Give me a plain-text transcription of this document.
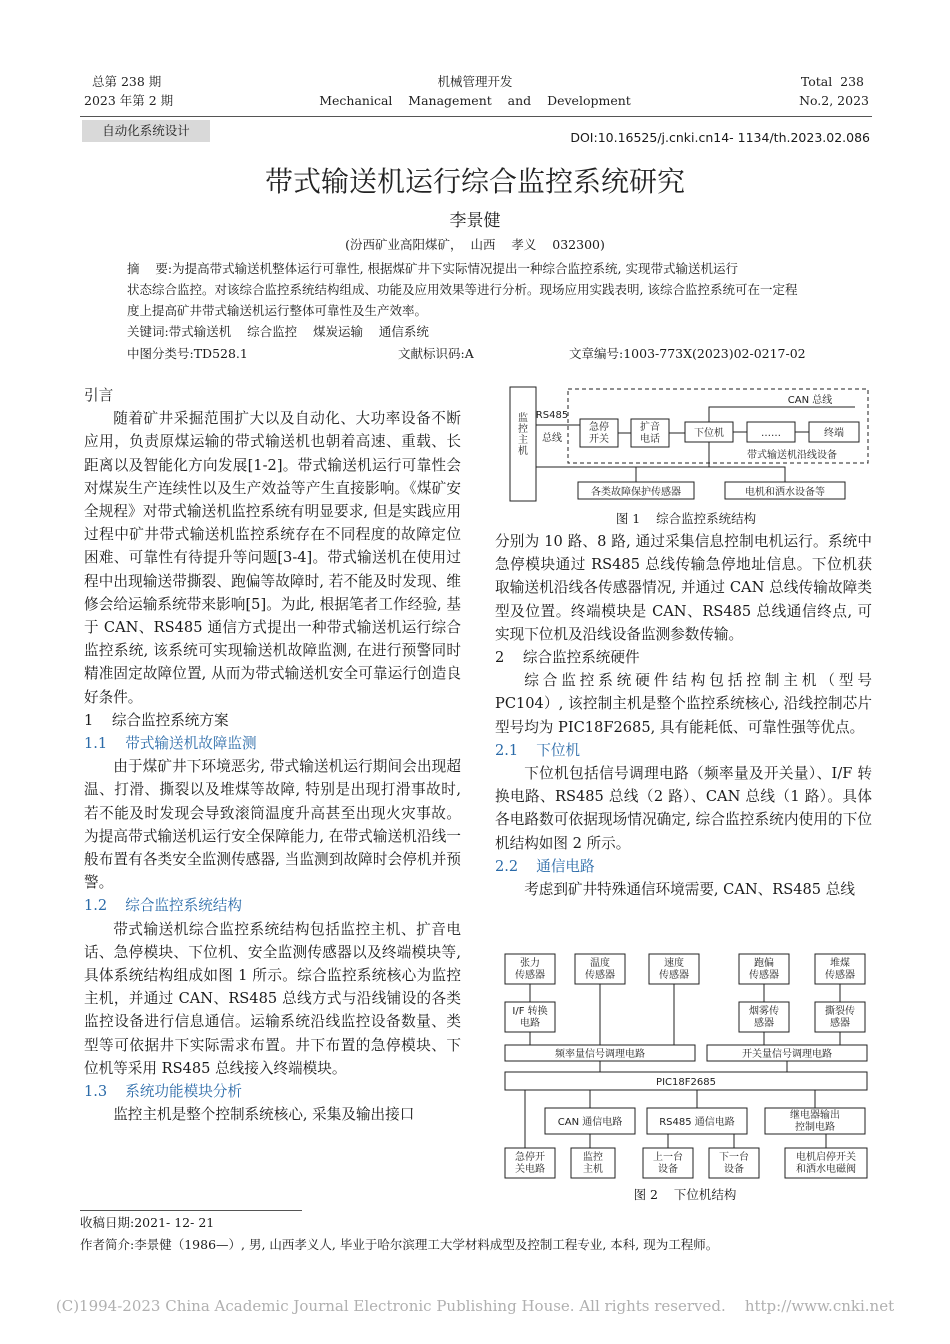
总第 238 期
2023 年第 2 期
机械管理开发
Mechanical    Management    and    Development
Total  238
No.2, 2023
自动化系统设计	DOI:10.16525/j.cnki.cn14- 1134/th.2023.02.086
带式输送机运行综合监控系统研究
李景健
(汾西矿业高阳煤矿，  山西    孝义    032300)

摘    要:为提高带式输送机整体运行可靠性, 根据煤矿井下实际情况提出一种综合监控系统, 实现带式输送机运行

状态综合监控。对该综合监控系统结构组成、功能及应用效果等进行分析。现场应用实践表明, 该综合监控系统可在一定程

度上提高矿井带式输送机运行整体可靠性及生产效率。

关键词:带式输送机    综合监控    煤炭运输    通信系统

中图分类号:TD528.1	文献标识码:A	文章编号:1003-773X(2023)02-0217-02

引言

随着矿井采掘范围扩大以及自动化、大功率设备不断应用，负责原煤运输的带式输送机也朝着高速、重载、长距离以及智能化方向发展[1-2]。带式输送机运行可靠性会对煤炭生产连续性以及生产效益等产生直接影响。《煤矿安全规程》对带式输送机监控系统有明显要求, 但是实践应用过程中矿井带式输送机监控系统存在不同程度的故障定位困难、可靠性有待提升等问题[3-4]。带式输送机在使用过程中出现输送带撕裂、跑偏等故障时, 若不能及时发现、维修会给运输系统带来影响[5]。为此, 根据笔者工作经验, 基于 CAN、RS485 通信方式提出一种带式输送机运行综合监控系统, 该系统可实现输送机故障监测, 在进行预警同时精准固定故障位置, 从而为带式输送机安全可靠运行创造良好条件。

1    综合监控系统方案

1.1 带式输送机故障监测

由于煤矿井下环境恶劣, 带式输送机运行期间会出现超温、打滑、撕裂以及堆煤等故障, 特别是出现打滑事故时, 若不能及时发现会导致滚筒温度升高甚至出现火灾事故。为提高带式输送机运行安全保障能力, 在带式输送机沿线一般布置有各类安全监测传感器, 当监测到故障时会停机并预警。

1.2 综合监控系统结构

带式输送机综合监控系统结构包括监控主机、扩音电话、急停模块、下位机、安全监测传感器以及终端模块等, 具体系统结构组成如图 1 所示。综合监控系统核心为监控主机，并通过 CAN、RS485 总线方式与沿线铺设的各类监控设备进行信息通信。运输系统沿线监控设备数量、类型等可依据井下实际需求布置。井下布置的急停模块、下位机等采用 RS485 总线接入终端模块。

1.3 系统功能模块分析

监控主机是整个控制系统核心, 采集及输出接口

监控主机
RS485
总线
急停
开关
扩音
电话
下位机	……	终端
CAN 总线
带式输送机沿线设备
各类故障保护传感器	电机和洒水设备等
图 1    综合监控系统结构

分别为 10 路、8 路, 通过采集信息控制电机运行。系统中急停模块通过 RS485 总线传输急停地址信息。下位机获取输送机沿线各传感器情况, 并通过 CAN 总线传输故障类型及位置。终端模块是 CAN、RS485 总线通信终点, 可实现下位机及沿线设备监测参数传输。

2    综合监控系统硬件

综合监控系统硬件结构包括控制主机（型号 PC104）, 该控制主机是整个监控系统核心, 沿线控制芯片型号均为 PIC18F2685, 具有能耗低、可靠性强等优点。

2.1 下位机

下位机包括信号调理电路（频率量及开关量）、I/F 转换电路、RS485 总线（2 路）、CAN 总线（1 路）。具体各电路数可依据现场情况确定, 综合监控系统内使用的下位机结构如图 2 所示。

2.2 通信电路

考虑到矿井特殊通信环境需要, CAN、RS485 总线

张力
传感器
温度
传感器
速度
传感器
跑偏
传感器
堆煤
传感器
I/F 转换
电路
烟雾传
感器
撕裂传
感器
频率量信号调理电路	开关量信号调理电路
PIC18F2685
CAN 通信电路	RS485 通信电路
继电器输出
控制电路
急停开
关电路
监控
主机
上一台
设备
下一台
设备
电机启停开关
和洒水电磁阀
图 2    下位机结构
收稿日期:2021- 12- 21
作者简介:李景健（1986—）, 男, 山西孝义人, 毕业于哈尔滨理工大学材料成型及控制工程专业, 本科, 现为工程师。
(C)1994-2023 China Academic Journal Electronic Publishing House. All rights reserved.    http://www.cnki.net
